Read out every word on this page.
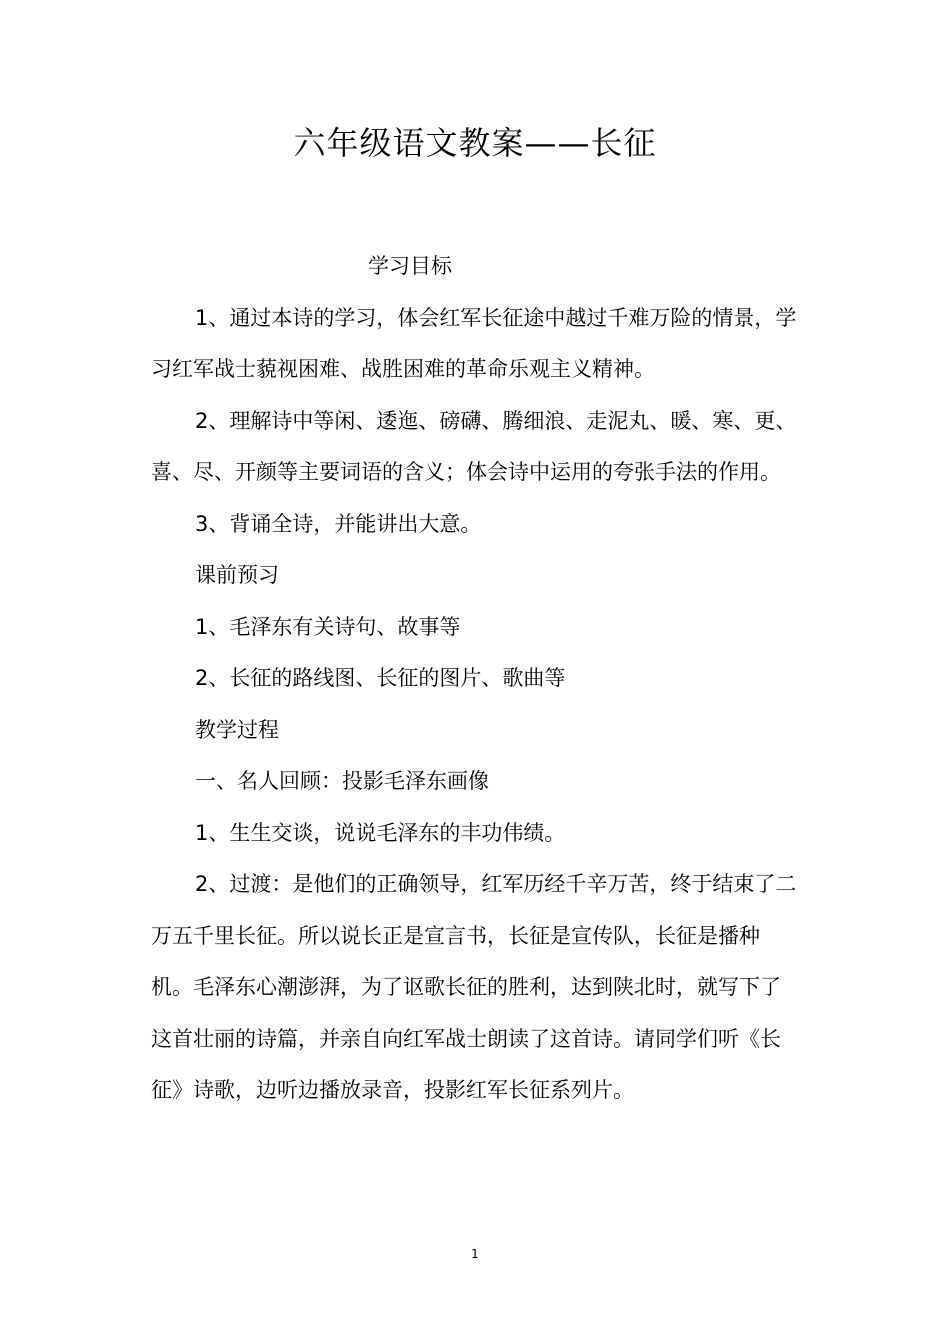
六年级语文教案——长征

学习目标

1、通过本诗的学习，体会红军长征途中越过千难万险的情景，学习红军战士藐视困难、战胜困难的革命乐观主义精神。

2、理解诗中等闲、逶迤、磅礴、腾细浪、走泥丸、暖、寒、更、喜、尽、开颜等主要词语的含义；体会诗中运用的夸张手法的作用。

3、背诵全诗，并能讲出大意。

课前预习

1、毛泽东有关诗句、故事等

2、长征的路线图、长征的图片、歌曲等

教学过程

一、名人回顾：投影毛泽东画像

1、生生交谈，说说毛泽东的丰功伟绩。

2、过渡：是他们的正确领导，红军历经千辛万苦，终于结束了二万五千里长征。所以说长正是宣言书，长征是宣传队，长征是播种机。毛泽东心潮澎湃，为了讴歌长征的胜利，达到陕北时，就写下了这首壮丽的诗篇，并亲自向红军战士朗读了这首诗。请同学们听《长征》诗歌，边听边播放录音，投影红军长征系列片。

1
